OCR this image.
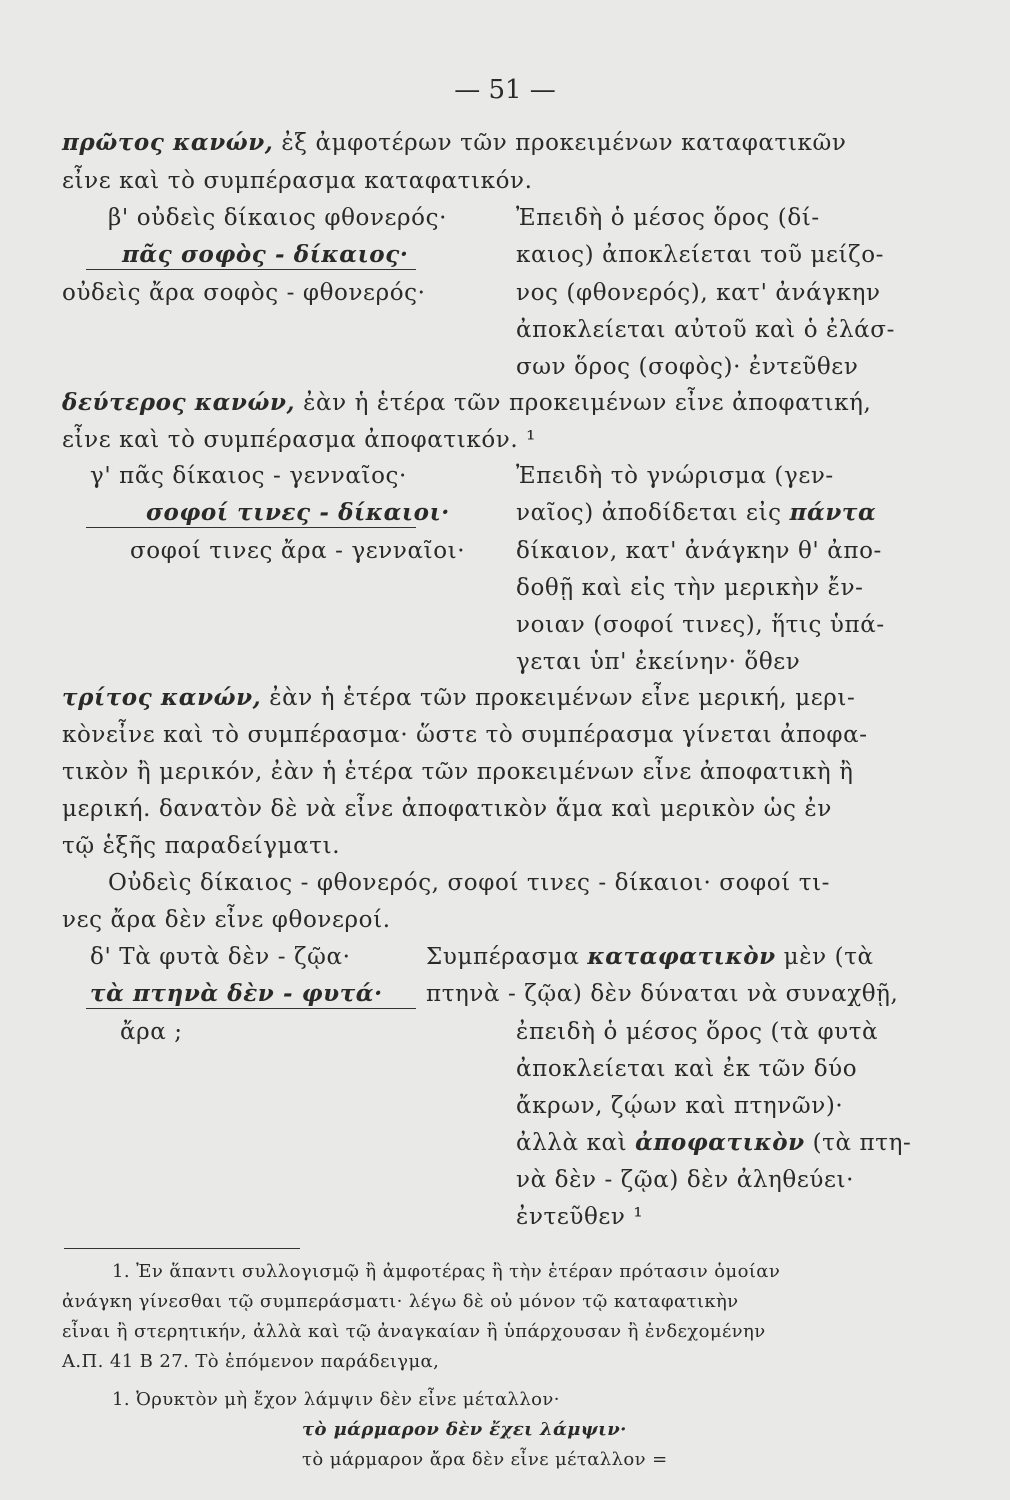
— 51 —
πρῶτος κανών, ἐξ ἀμφοτέρων τῶν προκειμένων καταφατικῶν
εἶνε καὶ τὸ συμπέρασμα καταφατικόν.
β' οὐδεὶς δίκαιος φθονερός·
πᾶς σοφὸς - δίκαιος·
οὐδεὶς ἄρα σοφὸς - φθονερός·
Ἐπειδὴ ὁ μέσος ὅρος (δί-
καιος) ἀποκλείεται τοῦ μείζο-
νος (φθονερός), κατ' ἀνάγκην
ἀποκλείεται αὐτοῦ καὶ ὁ ἐλάσ-
σων ὅρος (σοφὸς)· ἐντεῦθεν
δεύτερος κανών, ἐὰν ἡ ἑτέρα τῶν προκειμένων εἶνε ἀποφατική,
εἶνε καὶ τὸ συμπέρασμα ἀποφατικόν. ¹
γ' πᾶς δίκαιος - γενναῖος·
σοφοί τινες - δίκαιοι·
σοφοί τινες ἄρα - γενναῖοι·
Ἐπειδὴ τὸ γνώρισμα (γεν-
ναῖος) ἀποδίδεται εἰς πάντα
δίκαιον, κατ' ἀνάγκην θ' ἀπο-
δοθῇ καὶ εἰς τὴν μερικὴν ἔν-
νοιαν (σοφοί τινες), ἥτις ὑπά-
γεται ὑπ' ἐκείνην· ὅθεν
τρίτος κανών, ἐὰν ἡ ἑτέρα τῶν προκειμένων εἶνε μερική, μερι-
κὸνεἶνε καὶ τὸ συμπέρασμα· ὥστε τὸ συμπέρασμα γίνεται ἀποφα-
τικὸν ἢ μερικόν, ἐὰν ἡ ἑτέρα τῶν προκειμένων εἶνε ἀποφατικὴ ἢ
μερική. δανατὸν δὲ νὰ εἶνε ἀποφατικὸν ἅμα καὶ μερικὸν ὡς ἐν
τῷ ἑξῆς παραδείγματι.
Οὐδεὶς δίκαιος - φθονερός, σοφοί τινες - δίκαιοι· σοφοί τι-
νες ἄρα δὲν εἶνε φθονεροί.
δ' Τὰ φυτὰ δὲν - ζῷα·
τὰ πτηνὰ δὲν - φυτά·
ἄρα ;
Συμπέρασμα καταφατικὸν μὲν (τὰ
πτηνὰ - ζῷα) δὲν δύναται νὰ συναχθῇ,
ἐπειδὴ ὁ μέσος ὅρος (τὰ φυτὰ
ἀποκλείεται καὶ ἐκ τῶν δύο
ἄκρων, ζῴων καὶ πτηνῶν)·
ἀλλὰ καὶ ἀποφατικὸν (τὰ πτη-
νὰ δὲν - ζῷα) δὲν ἀληθεύει·
ἐντεῦθεν ¹
1. Ἐν ἅπαντι συλλογισμῷ ἢ ἀμφοτέρας ἢ τὴν ἑτέραν πρότασιν ὁμοίαν
ἀνάγκη γίνεσθαι τῷ συμπεράσματι· λέγω δὲ οὐ μόνον τῷ καταφατικὴν
εἶναι ἢ στερητικήν, ἀλλὰ καὶ τῷ ἀναγκαίαν ἢ ὑπάρχουσαν ἢ ἐνδεχομένην
Α.Π. 41 Β 27. Τὸ ἑπόμενον παράδειγμα,
1. Ὀρυκτὸν μὴ ἔχον λάμψιν δὲν εἶνε μέταλλον·
τὸ μάρμαρον δὲν ἔχει λάμψιν·
τὸ μάρμαρον ἄρα δὲν εἶνε μέταλλον =
